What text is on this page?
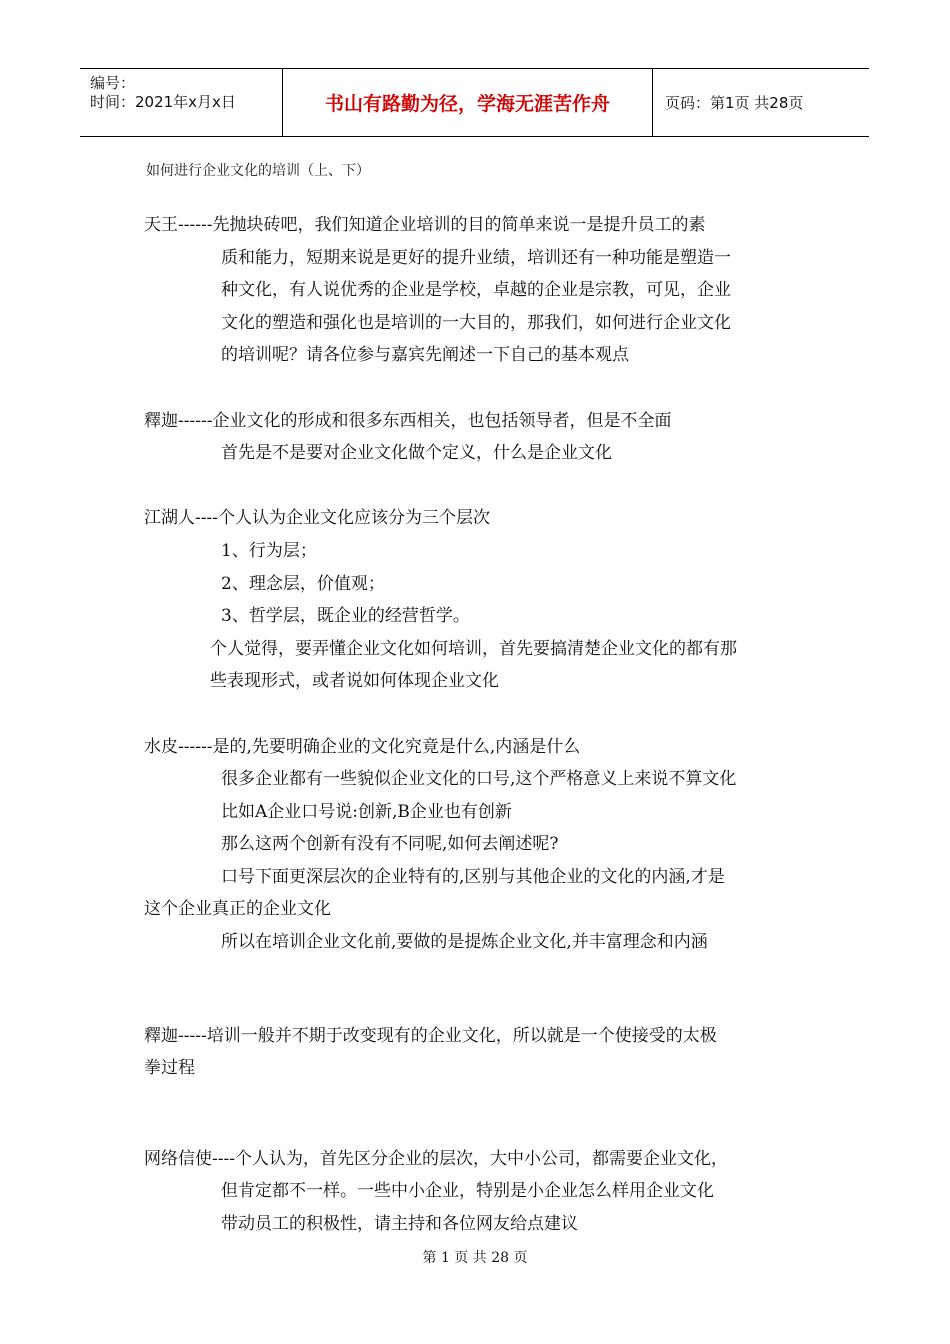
编号：
时间：2021年x月x日	书山有路勤为径，学海无涯苦作舟	页码：第1页 共28页
如何进行企业文化的培训（上、下）

天王------先抛块砖吧，我们知道企业培训的目的简单来说一是提升员工的素

质和能力，短期来说是更好的提升业绩，培训还有一种功能是塑造一

种文化，有人说优秀的企业是学校，卓越的企业是宗教，可见，企业

文化的塑造和强化也是培训的一大目的，那我们，如何进行企业文化

的培训呢？请各位参与嘉宾先阐述一下自己的基本观点

釋迦------企业文化的形成和很多东西相关，也包括领导者，但是不全面

首先是不是要对企业文化做个定义，什么是企业文化

江湖人----个人认为企业文化应该分为三个层次

1、行为层；

2、理念层，价值观；

3、哲学层，既企业的经营哲学。

个人觉得，要弄懂企业文化如何培训，首先要搞清楚企业文化的都有那

些表现形式，或者说如何体现企业文化

水皮------是的,先要明确企业的文化究竟是什么,内涵是什么

很多企业都有一些貌似企业文化的口号,这个严格意义上来说不算文化

比如A企业口号说:创新,B企业也有创新

那么这两个创新有没有不同呢,如何去阐述呢?

口号下面更深层次的企业特有的,区别与其他企业的文化的内涵,才是

这个企业真正的企业文化

所以在培训企业文化前,要做的是提炼企业文化,并丰富理念和内涵

釋迦-----培训一般并不期于改变现有的企业文化，所以就是一个使接受的太极

拳过程

网络信使----个人认为，首先区分企业的层次，大中小公司，都需要企业文化，

但肯定都不一样。一些中小企业，特别是小企业怎么样用企业文化

带动员工的积极性，请主持和各位网友给点建议

第 1 页 共 28 页
